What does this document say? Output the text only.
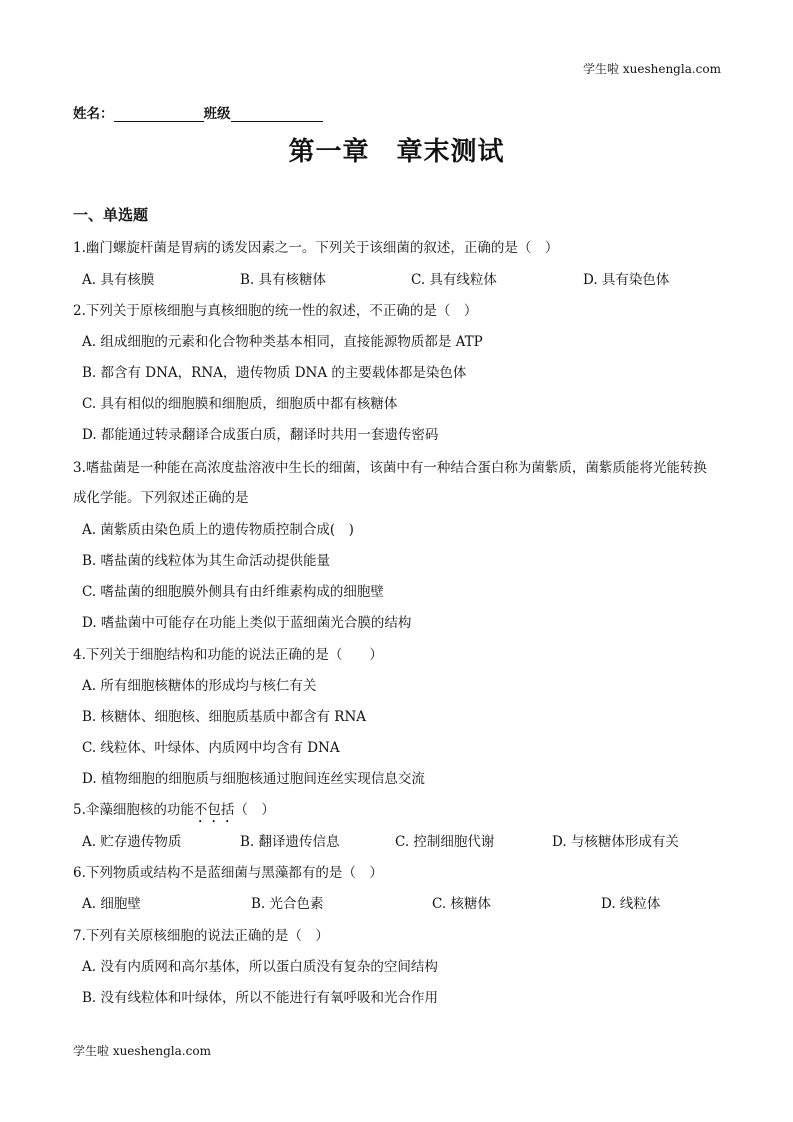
学生啦 xueshengla.com
姓名：	班级
第一章　章末测试
一、单选题
1.幽门螺旋杆菌是胃病的诱发因素之一。下列关于该细菌的叙述，正确的是（　）
A. 具有核膜	B. 具有核糖体	C. 具有线粒体	D. 具有染色体
2.下列关于原核细胞与真核细胞的统一性的叙述，不正确的是（　）
A. 组成细胞的元素和化合物种类基本相同，直接能源物质都是 ATP
B. 都含有 DNA，RNA，遗传物质 DNA 的主要载体都是染色体
C. 具有相似的细胞膜和细胞质，细胞质中都有核糖体
D. 都能通过转录翻译合成蛋白质，翻译时共用一套遗传密码
3.嗜盐菌是一种能在高浓度盐溶液中生长的细菌，该菌中有一种结合蛋白称为菌紫质，菌紫质能将光能转换
成化学能。下列叙述正确的是
A. 菌紫质由染色质上的遗传物质控制合成(　)
B. 嗜盐菌的线粒体为其生命活动提供能量
C. 嗜盐菌的细胞膜外侧具有由纤维素构成的细胞壁
D. 嗜盐菌中可能存在功能上类似于蓝细菌光合膜的结构
4.下列关于细胞结构和功能的说法正确的是（　　）
A. 所有细胞核糖体的形成均与核仁有关
B. 核糖体、细胞核、细胞质基质中都含有 RNA
C. 线粒体、叶绿体、内质网中均含有 DNA
D. 植物细胞的细胞质与细胞核通过胞间连丝实现信息交流
5.伞藻细胞核的功能不包括（　）
A. 贮存遗传物质	B. 翻译遗传信息	C. 控制细胞代谢	D. 与核糖体形成有关
6.下列物质或结构不是蓝细菌与黑藻都有的是（　）
A. 细胞壁	B. 光合色素	C. 核糖体	D. 线粒体
7.下列有关原核细胞的说法正确的是（　）
A. 没有内质网和高尔基体，所以蛋白质没有复杂的空间结构
B. 没有线粒体和叶绿体，所以不能进行有氧呼吸和光合作用
学生啦 xueshengla.com
